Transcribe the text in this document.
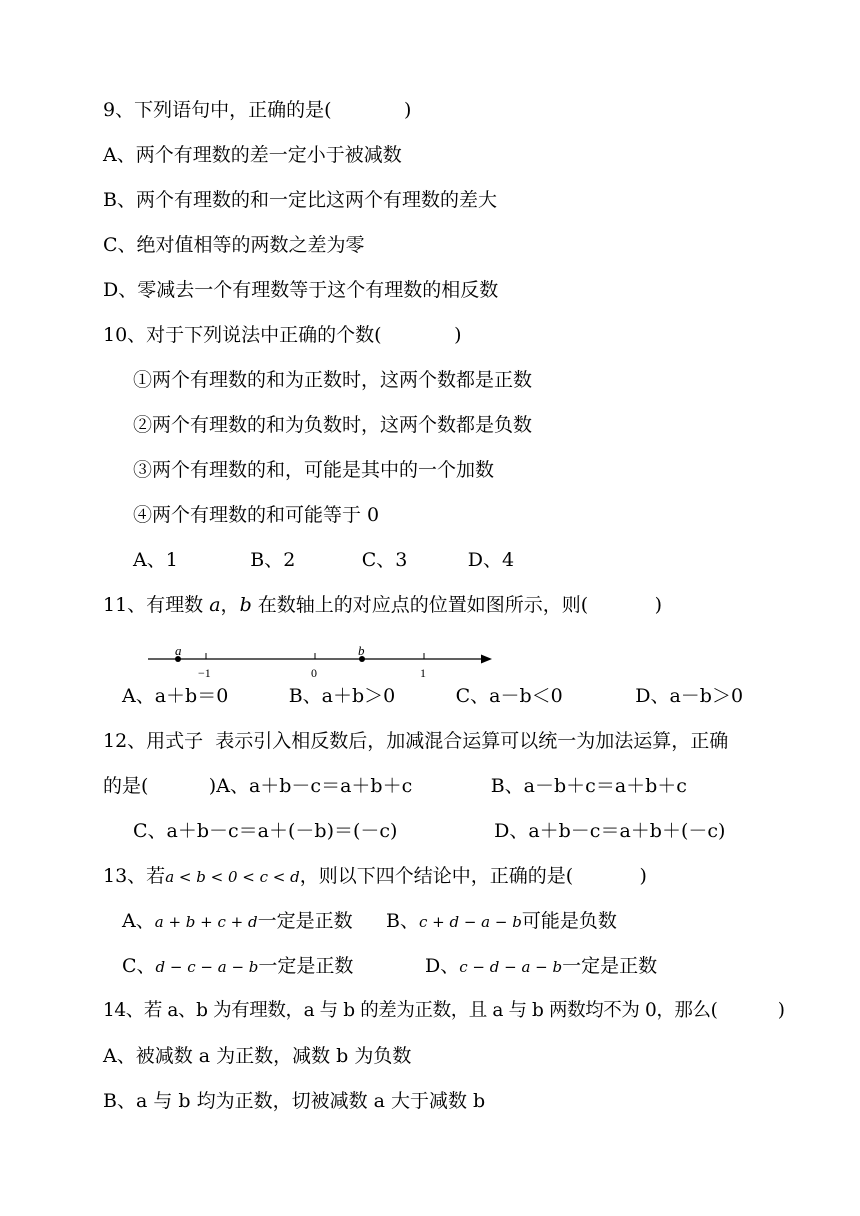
9、下列语句中，正确的是(            )
A、两个有理数的差一定小于被减数
B、两个有理数的和一定比这两个有理数的差大
C、绝对值相等的两数之差为零
D、零减去一个有理数等于这个有理数的相反数
10、对于下列说法中正确的个数(            )
①两个有理数的和为正数时，这两个数都是正数
②两个有理数的和为负数时，这两个数都是负数
③两个有理数的和，可能是其中的一个加数
④两个有理数的和可能等于 0
A、1            B、2           C、3          D、4
11、有理数 a，b 在数轴上的对应点的位置如图所示，则(           )
a	b
−1	0	1
A、a＋b＝0          B、a＋b＞0          C、a－b＜0            D、a－b＞0
12、用式子  表示引入相反数后，加减混合运算可以统一为加法运算，正确
的是(          )A、a＋b－c＝a＋b＋c             B、a－b＋c＝a＋b＋c
C、a＋b－c＝a＋(－b)＝(－c)                D、a＋b－c＝a＋b＋(－c)
13、若a < b < 0 < c < d，则以下四个结论中，正确的是(           )
A、a + b + c + d一定是正数 B、c + d − a − b可能是负数
C、d − c − a − b一定是正数	D、c − d − a − b一定是正数
14、若 a、b 为有理数，a 与 b 的差为正数，且 a 与 b 两数均不为 0，那么(           )
A、被减数 a 为正数，减数 b 为负数
B、a 与 b 均为正数，切被减数 a 大于减数 b
